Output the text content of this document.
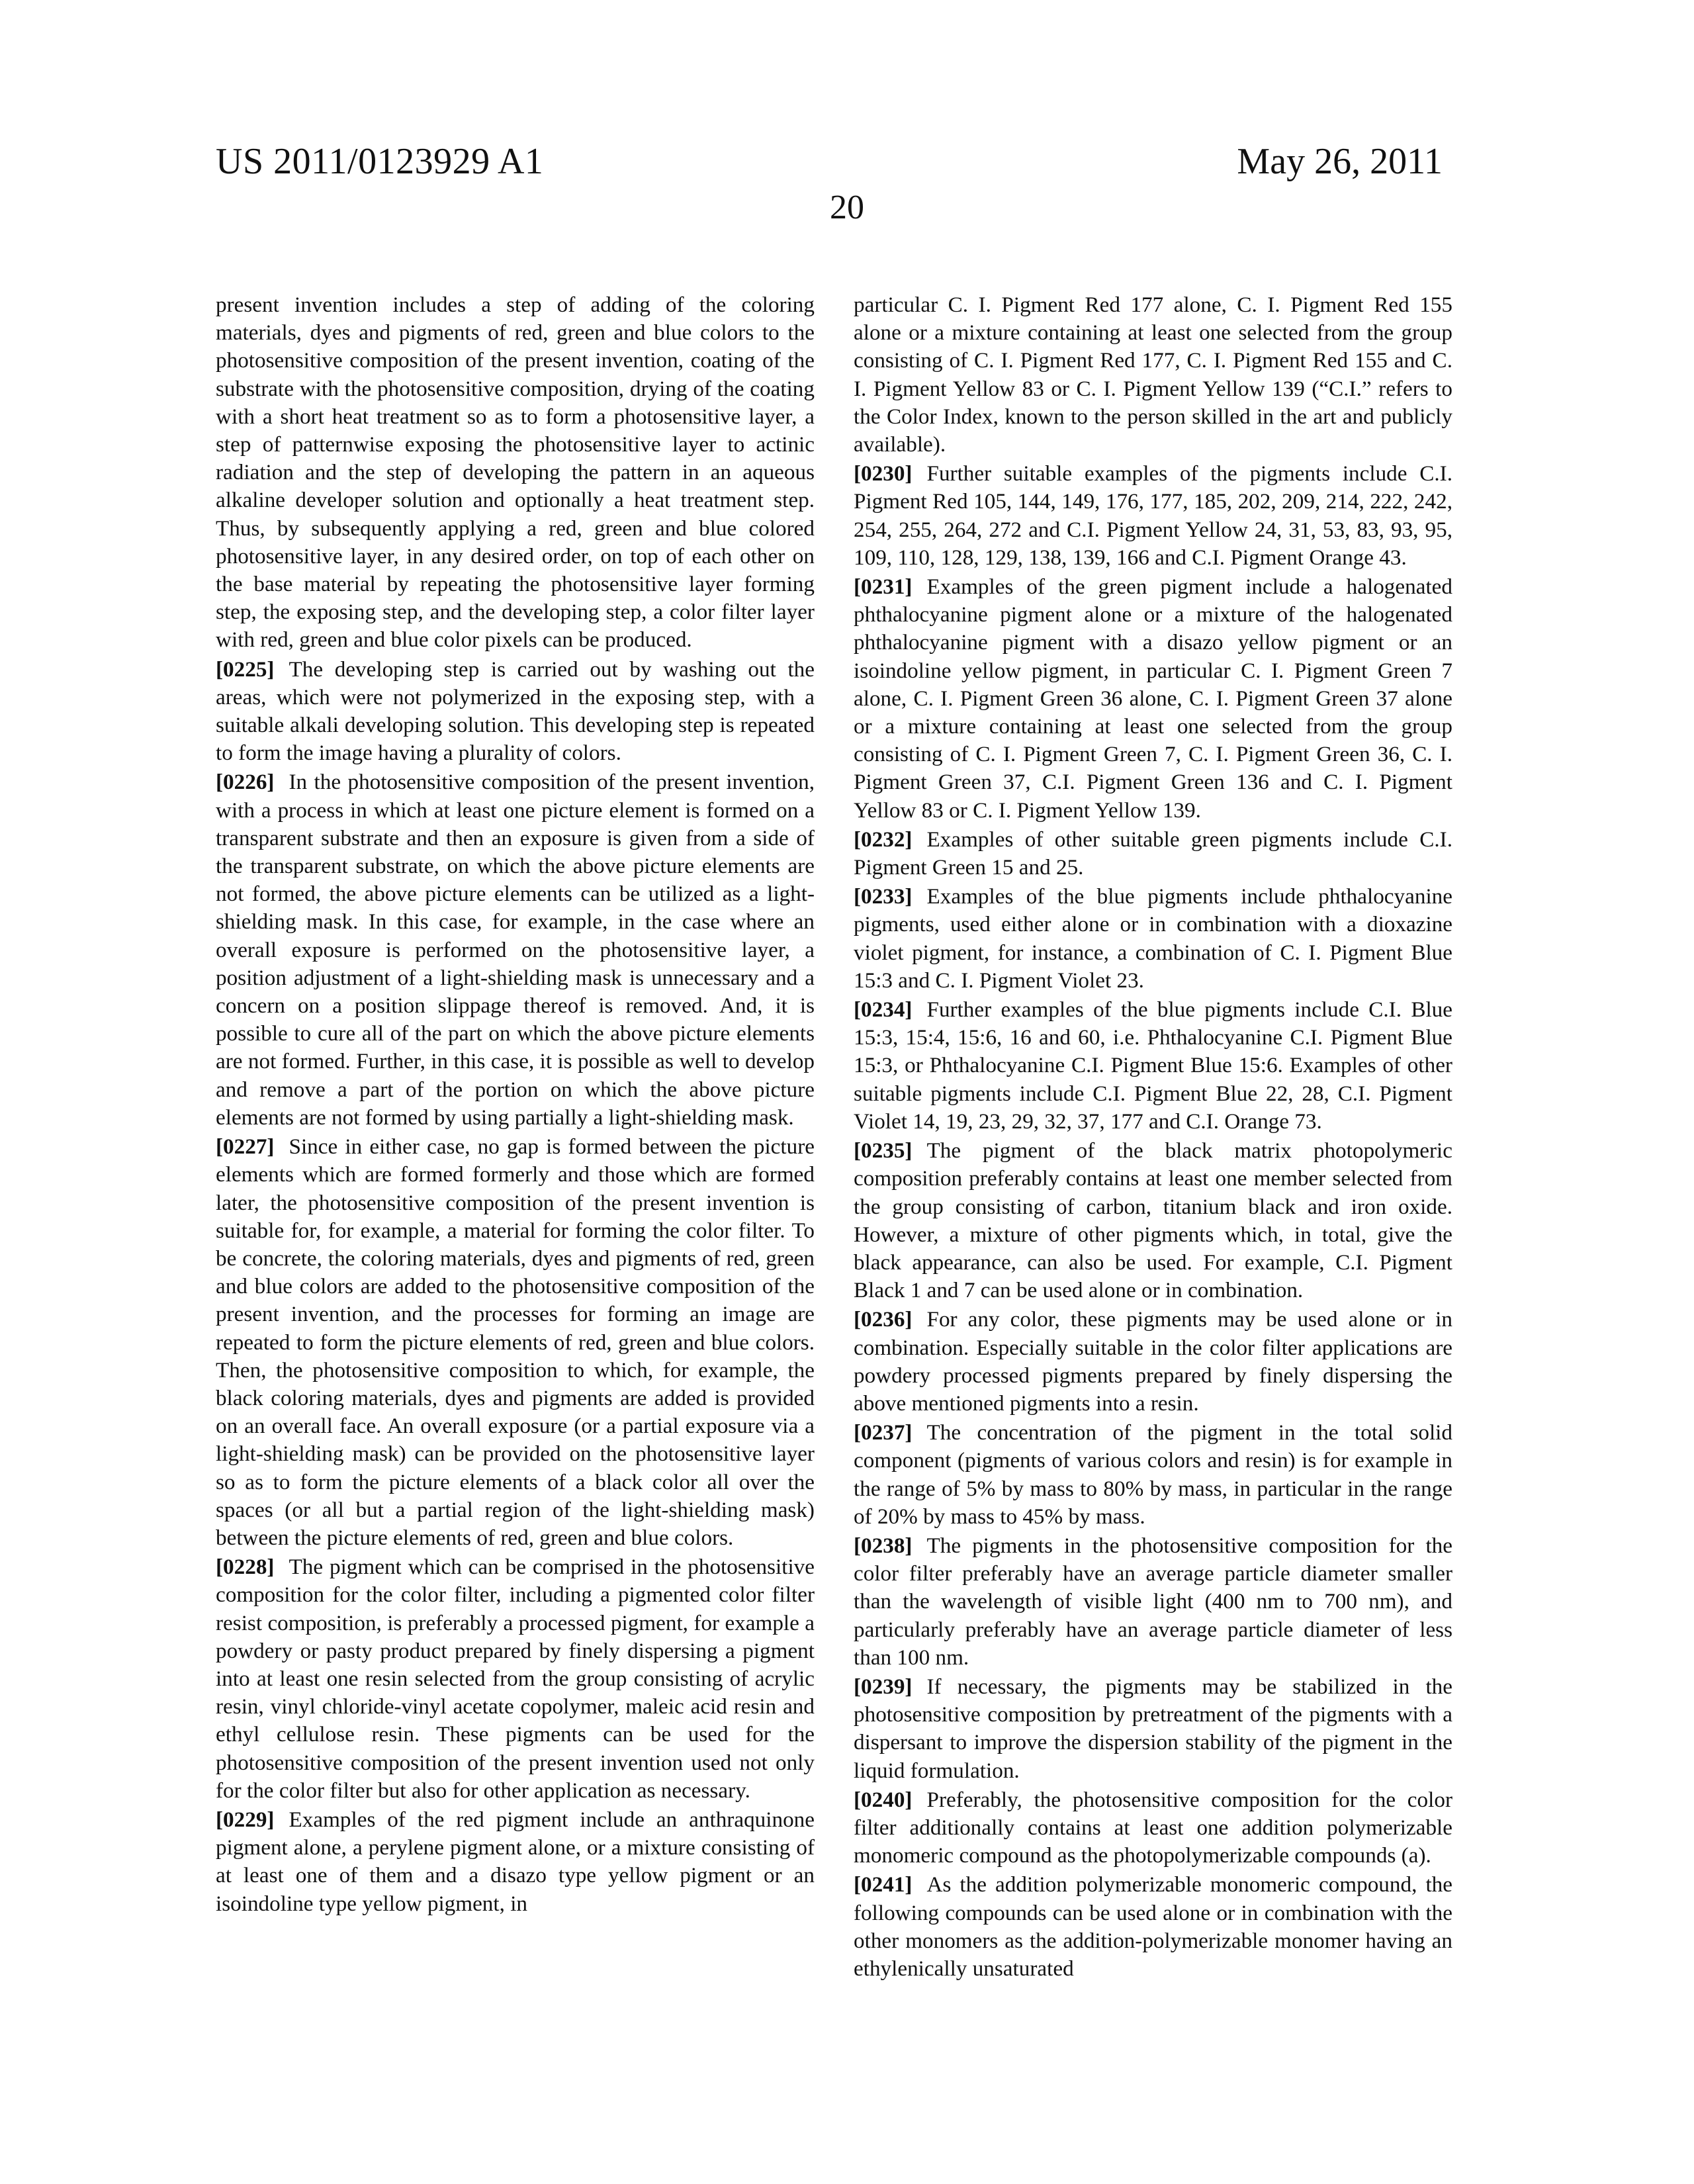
US 2011/0123929 A1	May 26, 2011
20

present invention includes a step of adding of the coloring materials, dyes and pigments of red, green and blue colors to the photosensitive composition of the present invention, coating of the substrate with the photosensitive composition, drying of the coating with a short heat treatment so as to form a photosensitive layer, a step of patternwise exposing the photosensitive layer to actinic radiation and the step of developing the pattern in an aqueous alkaline developer solution and optionally a heat treatment step. Thus, by subsequently applying a red, green and blue colored photosensitive layer, in any desired order, on top of each other on the base material by repeating the photosensitive layer forming step, the exposing step, and the developing step, a color filter layer with red, green and blue color pixels can be produced.

[0225] The developing step is carried out by washing out the areas, which were not polymerized in the exposing step, with a suitable alkali developing solution. This developing step is repeated to form the image having a plurality of colors.

[0226] In the photosensitive composition of the present invention, with a process in which at least one picture element is formed on a transparent substrate and then an exposure is given from a side of the transparent substrate, on which the above picture elements are not formed, the above picture elements can be utilized as a light-shielding mask. In this case, for example, in the case where an overall exposure is performed on the photosensitive layer, a position adjustment of a light-shielding mask is unnecessary and a concern on a position slippage thereof is removed. And, it is possible to cure all of the part on which the above picture elements are not formed. Further, in this case, it is possible as well to develop and remove a part of the portion on which the above picture elements are not formed by using partially a light-shielding mask.

[0227] Since in either case, no gap is formed between the picture elements which are formed formerly and those which are formed later, the photosensitive composition of the present invention is suitable for, for example, a material for forming the color filter. To be concrete, the coloring materials, dyes and pigments of red, green and blue colors are added to the photosensitive composition of the present invention, and the processes for forming an image are repeated to form the picture elements of red, green and blue colors. Then, the photosensitive composition to which, for example, the black coloring materials, dyes and pigments are added is provided on an overall face. An overall exposure (or a partial exposure via a light-shielding mask) can be provided on the photosensitive layer so as to form the picture elements of a black color all over the spaces (or all but a partial region of the light-shielding mask) between the picture elements of red, green and blue colors.

[0228] The pigment which can be comprised in the photosensitive composition for the color filter, including a pigmented color filter resist composition, is preferably a processed pigment, for example a powdery or pasty product prepared by finely dispersing a pigment into at least one resin selected from the group consisting of acrylic resin, vinyl chloride-vinyl acetate copolymer, maleic acid resin and ethyl cellulose resin. These pigments can be used for the photosensitive composition of the present invention used not only for the color filter but also for other application as necessary.

[0229] Examples of the red pigment include an anthraquinone pigment alone, a perylene pigment alone, or a mixture consisting of at least one of them and a disazo type yellow pigment or an isoindoline type yellow pigment, in

particular C. I. Pigment Red 177 alone, C. I. Pigment Red 155 alone or a mixture containing at least one selected from the group consisting of C. I. Pigment Red 177, C. I. Pigment Red 155 and C. I. Pigment Yellow 83 or C. I. Pigment Yellow 139 (“C.I.” refers to the Color Index, known to the person skilled in the art and publicly available).

[0230] Further suitable examples of the pigments include C.I. Pigment Red 105, 144, 149, 176, 177, 185, 202, 209, 214, 222, 242, 254, 255, 264, 272 and C.I. Pigment Yellow 24, 31, 53, 83, 93, 95, 109, 110, 128, 129, 138, 139, 166 and C.I. Pigment Orange 43.

[0231] Examples of the green pigment include a halogenated phthalocyanine pigment alone or a mixture of the halogenated phthalocyanine pigment with a disazo yellow pigment or an isoindoline yellow pigment, in particular C. I. Pigment Green 7 alone, C. I. Pigment Green 36 alone, C. I. Pigment Green 37 alone or a mixture containing at least one selected from the group consisting of C. I. Pigment Green 7, C. I. Pigment Green 36, C. I. Pigment Green 37, C.I. Pigment Green 136 and C. I. Pigment Yellow 83 or C. I. Pigment Yellow 139.

[0232] Examples of other suitable green pigments include C.I. Pigment Green 15 and 25.

[0233] Examples of the blue pigments include phthalocyanine pigments, used either alone or in combination with a dioxazine violet pigment, for instance, a combination of C. I. Pigment Blue 15:3 and C. I. Pigment Violet 23.

[0234] Further examples of the blue pigments include C.I. Blue 15:3, 15:4, 15:6, 16 and 60, i.e. Phthalocyanine C.I. Pigment Blue 15:3, or Phthalocyanine C.I. Pigment Blue 15:6. Examples of other suitable pigments include C.I. Pigment Blue 22, 28, C.I. Pigment Violet 14, 19, 23, 29, 32, 37, 177 and C.I. Orange 73.

[0235] The pigment of the black matrix photopolymeric composition preferably contains at least one member selected from the group consisting of carbon, titanium black and iron oxide. However, a mixture of other pigments which, in total, give the black appearance, can also be used. For example, C.I. Pigment Black 1 and 7 can be used alone or in combination.

[0236] For any color, these pigments may be used alone or in combination. Especially suitable in the color filter applications are powdery processed pigments prepared by finely dispersing the above mentioned pigments into a resin.

[0237] The concentration of the pigment in the total solid component (pigments of various colors and resin) is for example in the range of 5% by mass to 80% by mass, in particular in the range of 20% by mass to 45% by mass.

[0238] The pigments in the photosensitive composition for the color filter preferably have an average particle diameter smaller than the wavelength of visible light (400 nm to 700 nm), and particularly preferably have an average particle diameter of less than 100 nm.

[0239] If necessary, the pigments may be stabilized in the photosensitive composition by pretreatment of the pigments with a dispersant to improve the dispersion stability of the pigment in the liquid formulation.

[0240] Preferably, the photosensitive composition for the color filter additionally contains at least one addition polymerizable monomeric compound as the photopolymerizable compounds (a).

[0241] As the addition polymerizable monomeric compound, the following compounds can be used alone or in combination with the other monomers as the addition-polymerizable monomer having an ethylenically unsaturated
